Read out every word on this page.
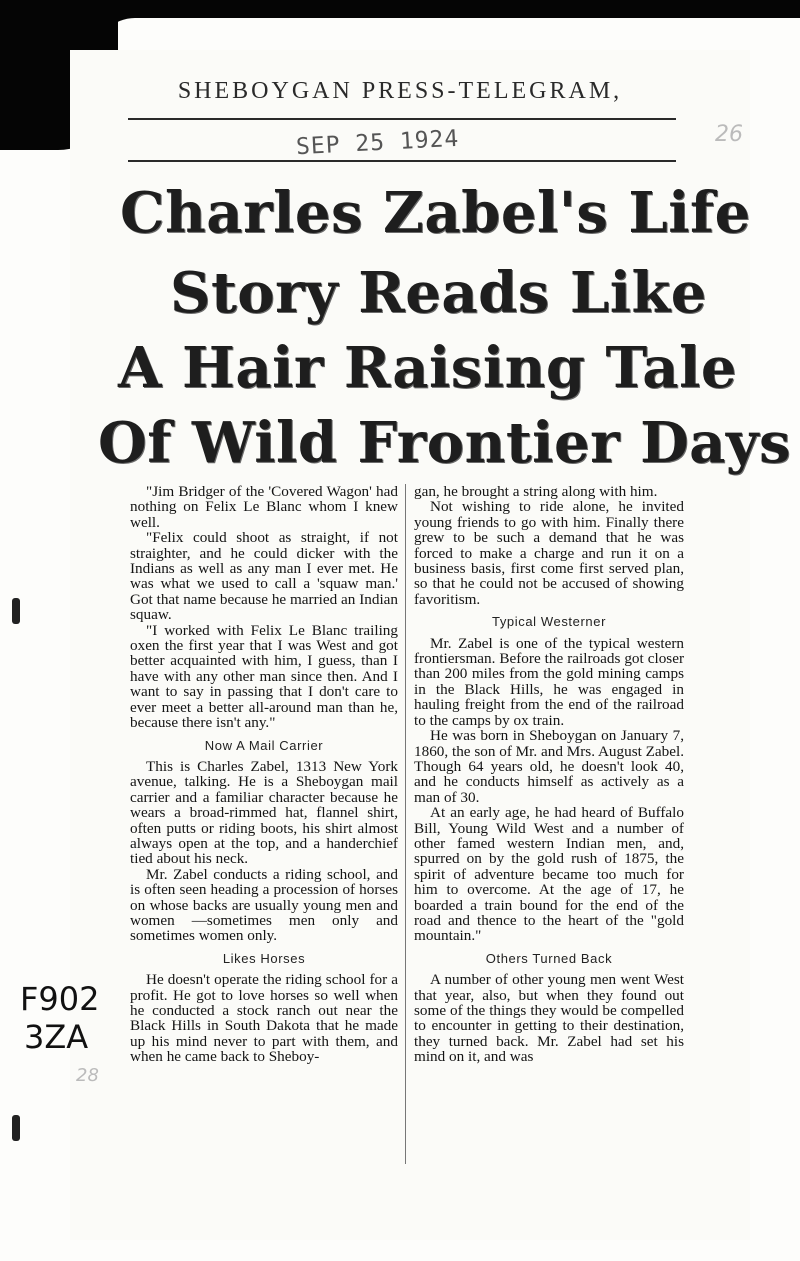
SHEBOYGAN PRESS-TELEGRAM,
SEP 25 1924	26
Charles Zabel's Life
Story Reads Like
A Hair Raising Tale
Of Wild Frontier Days

"Jim Bridger of the 'Covered Wagon' had nothing on Felix Le Blanc whom I knew well.

"Felix could shoot as straight, if not straighter, and he could dicker with the Indians as well as any man I ever met. He was what we used to call a 'squaw man.' Got that name because he married an Indian squaw.

"I worked with Felix Le Blanc trailing oxen the first year that I was West and got better acquainted with him, I guess, than I have with any other man since then. And I want to say in passing that I don't care to ever meet a better all-around man than he, because there isn't any."

Now A Mail Carrier

This is Charles Zabel, 1313 New York avenue, talking. He is a Sheboygan mail carrier and a familiar character because he wears a broad-rimmed hat, flannel shirt, often putts or riding boots, his shirt almost always open at the top, and a handerchief tied about his neck.

Mr. Zabel conducts a riding school, and is often seen heading a procession of horses on whose backs are usually young men and women —sometimes men only and sometimes women only.

Likes Horses

He doesn't operate the riding school for a profit. He got to love horses so well when he conducted a stock ranch out near the Black Hills in South Dakota that he made up his mind never to part with them, and when he came back to Sheboy-

gan, he brought a string along with him.

Not wishing to ride alone, he invited young friends to go with him. Finally there grew to be such a demand that he was forced to make a charge and run it on a business basis, first come first served plan, so that he could not be accused of showing favoritism.

Typical Westerner

Mr. Zabel is one of the typical western frontiersman. Before the railroads got closer than 200 miles from the gold mining camps in the Black Hills, he was engaged in hauling freight from the end of the railroad to the camps by ox train.

He was born in Sheboygan on January 7, 1860, the son of Mr. and Mrs. August Zabel. Though 64 years old, he doesn't look 40, and he conducts himself as actively as a man of 30.

At an early age, he had heard of Buffalo Bill, Young Wild West and a number of other famed western Indian men, and, spurred on by the gold rush of 1875, the spirit of adventure became too much for him to overcome. At the age of 17, he boarded a train bound for the end of the road and thence to the heart of the "gold mountain."

Others Turned Back

A number of other young men went West that year, also, but when they found out some of the things they would be compelled to encounter in getting to their destination, they turned back. Mr. Zabel had set his mind on it, and was

F902
3ZA
28
